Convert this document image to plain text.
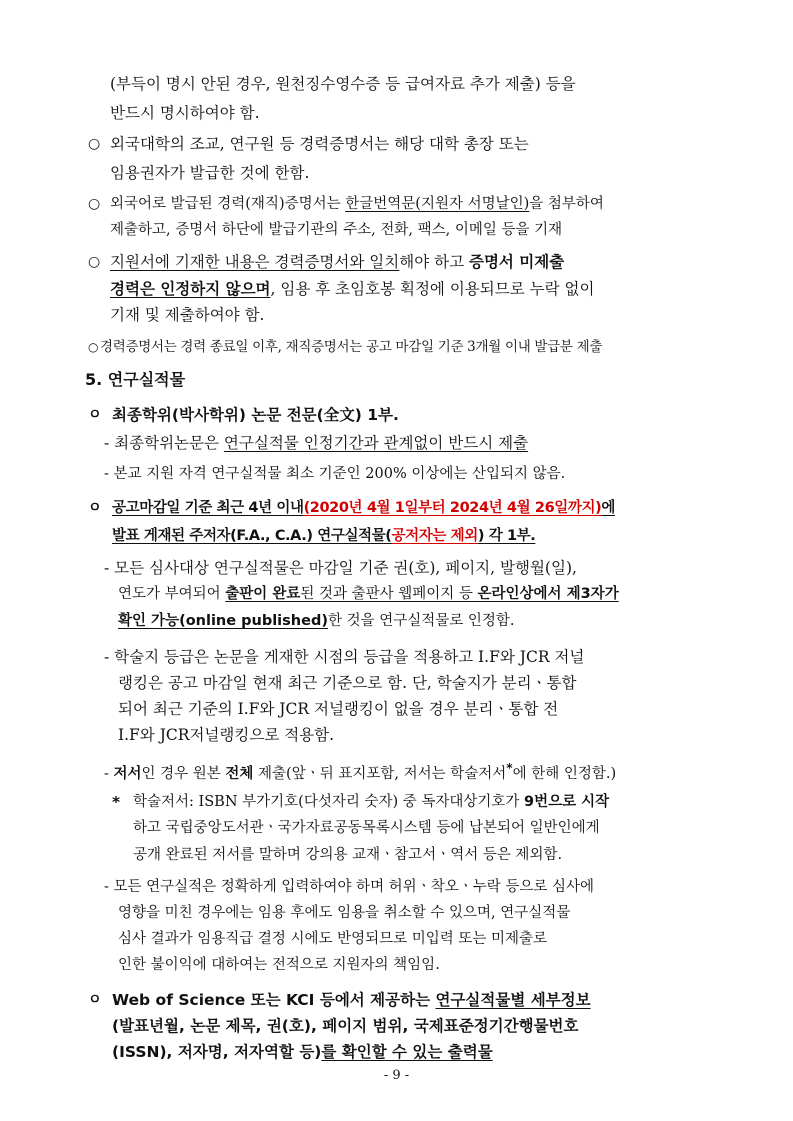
(부득이 명시 안된 경우, 원천징수영수증 등 급여자료 추가 제출) 등을
반드시 명시하여야 함.
○ 외국대학의 조교, 연구원 등 경력증명서는 해당 대학 총장 또는
임용권자가 발급한 것에 한함.
○ 외국어로 발급된 경력(재직)증명서는 한글번역문(지원자 서명날인)을 첨부하여
제출하고, 증명서 하단에 발급기관의 주소, 전화, 팩스, 이메일 등을 기재
○ 지원서에 기재한 내용은 경력증명서와 일치해야 하고 증명서 미제출
경력은 인정하지 않으며, 임용 후 초임호봉 획정에 이용되므로 누락 없이
기재 및 제출하여야 함.
○ 경력증명서는 경력 종료일 이후, 재직증명서는 공고 마감일 기준 3개월 이내 발급분 제출
5. 연구실적물
ㅇ 최종학위(박사학위) 논문 전문(全文) 1부.
- 최종학위논문은 연구실적물 인정기간과 관계없이 반드시 제출
- 본교 지원 자격 연구실적물 최소 기준인 200% 이상에는 산입되지 않음.
ㅇ 공고마감일 기준 최근 4년 이내(2020년 4월 1일부터 2024년 4월 26일까지)에
발표 게재된 주저자(F.A., C.A.) 연구실적물(공저자는 제외) 각 1부.
- 모든 심사대상 연구실적물은 마감일 기준 권(호), 페이지, 발행월(일),
연도가 부여되어 출판이 완료된 것과 출판사 웹페이지 등 온라인상에서 제3자가
확인 가능(online published)한 것을 연구실적물로 인정함.
- 학술지 등급은 논문을 게재한 시점의 등급을 적용하고 I.F와 JCR 저널
랭킹은 공고 마감일 현재 최근 기준으로 함. 단, 학술지가 분리ㆍ통합
되어 최근 기준의 I.F와 JCR 저널랭킹이 없을 경우 분리ㆍ통합 전
I.F와 JCR저널랭킹으로 적용함.
- 저서인 경우 원본 전체 제출(앞ㆍ뒤 표지포함, 저서는 학술저서*에 한해 인정함.)
* 학술저서: ISBN 부가기호(다섯자리 숫자) 중 독자대상기호가 9번으로 시작
하고 국립중앙도서관ㆍ국가자료공동목록시스템 등에 납본되어 일반인에게
공개 완료된 저서를 말하며 강의용 교재ㆍ참고서ㆍ역서 등은 제외함.
- 모든 연구실적은 정확하게 입력하여야 하며 허위ㆍ착오ㆍ누락 등으로 심사에
영향을 미친 경우에는 임용 후에도 임용을 취소할 수 있으며, 연구실적물
심사 결과가 임용직급 결정 시에도 반영되므로 미입력 또는 미제출로
인한 불이익에 대하여는 전적으로 지원자의 책임임.
ㅇ Web of Science 또는 KCI 등에서 제공하는 연구실적물별 세부정보
(발표년월, 논문 제목, 권(호), 페이지 범위, 국제표준정기간행물번호
(ISSN), 저자명, 저자역할 등)를 확인할 수 있는 출력물
- 9 -
